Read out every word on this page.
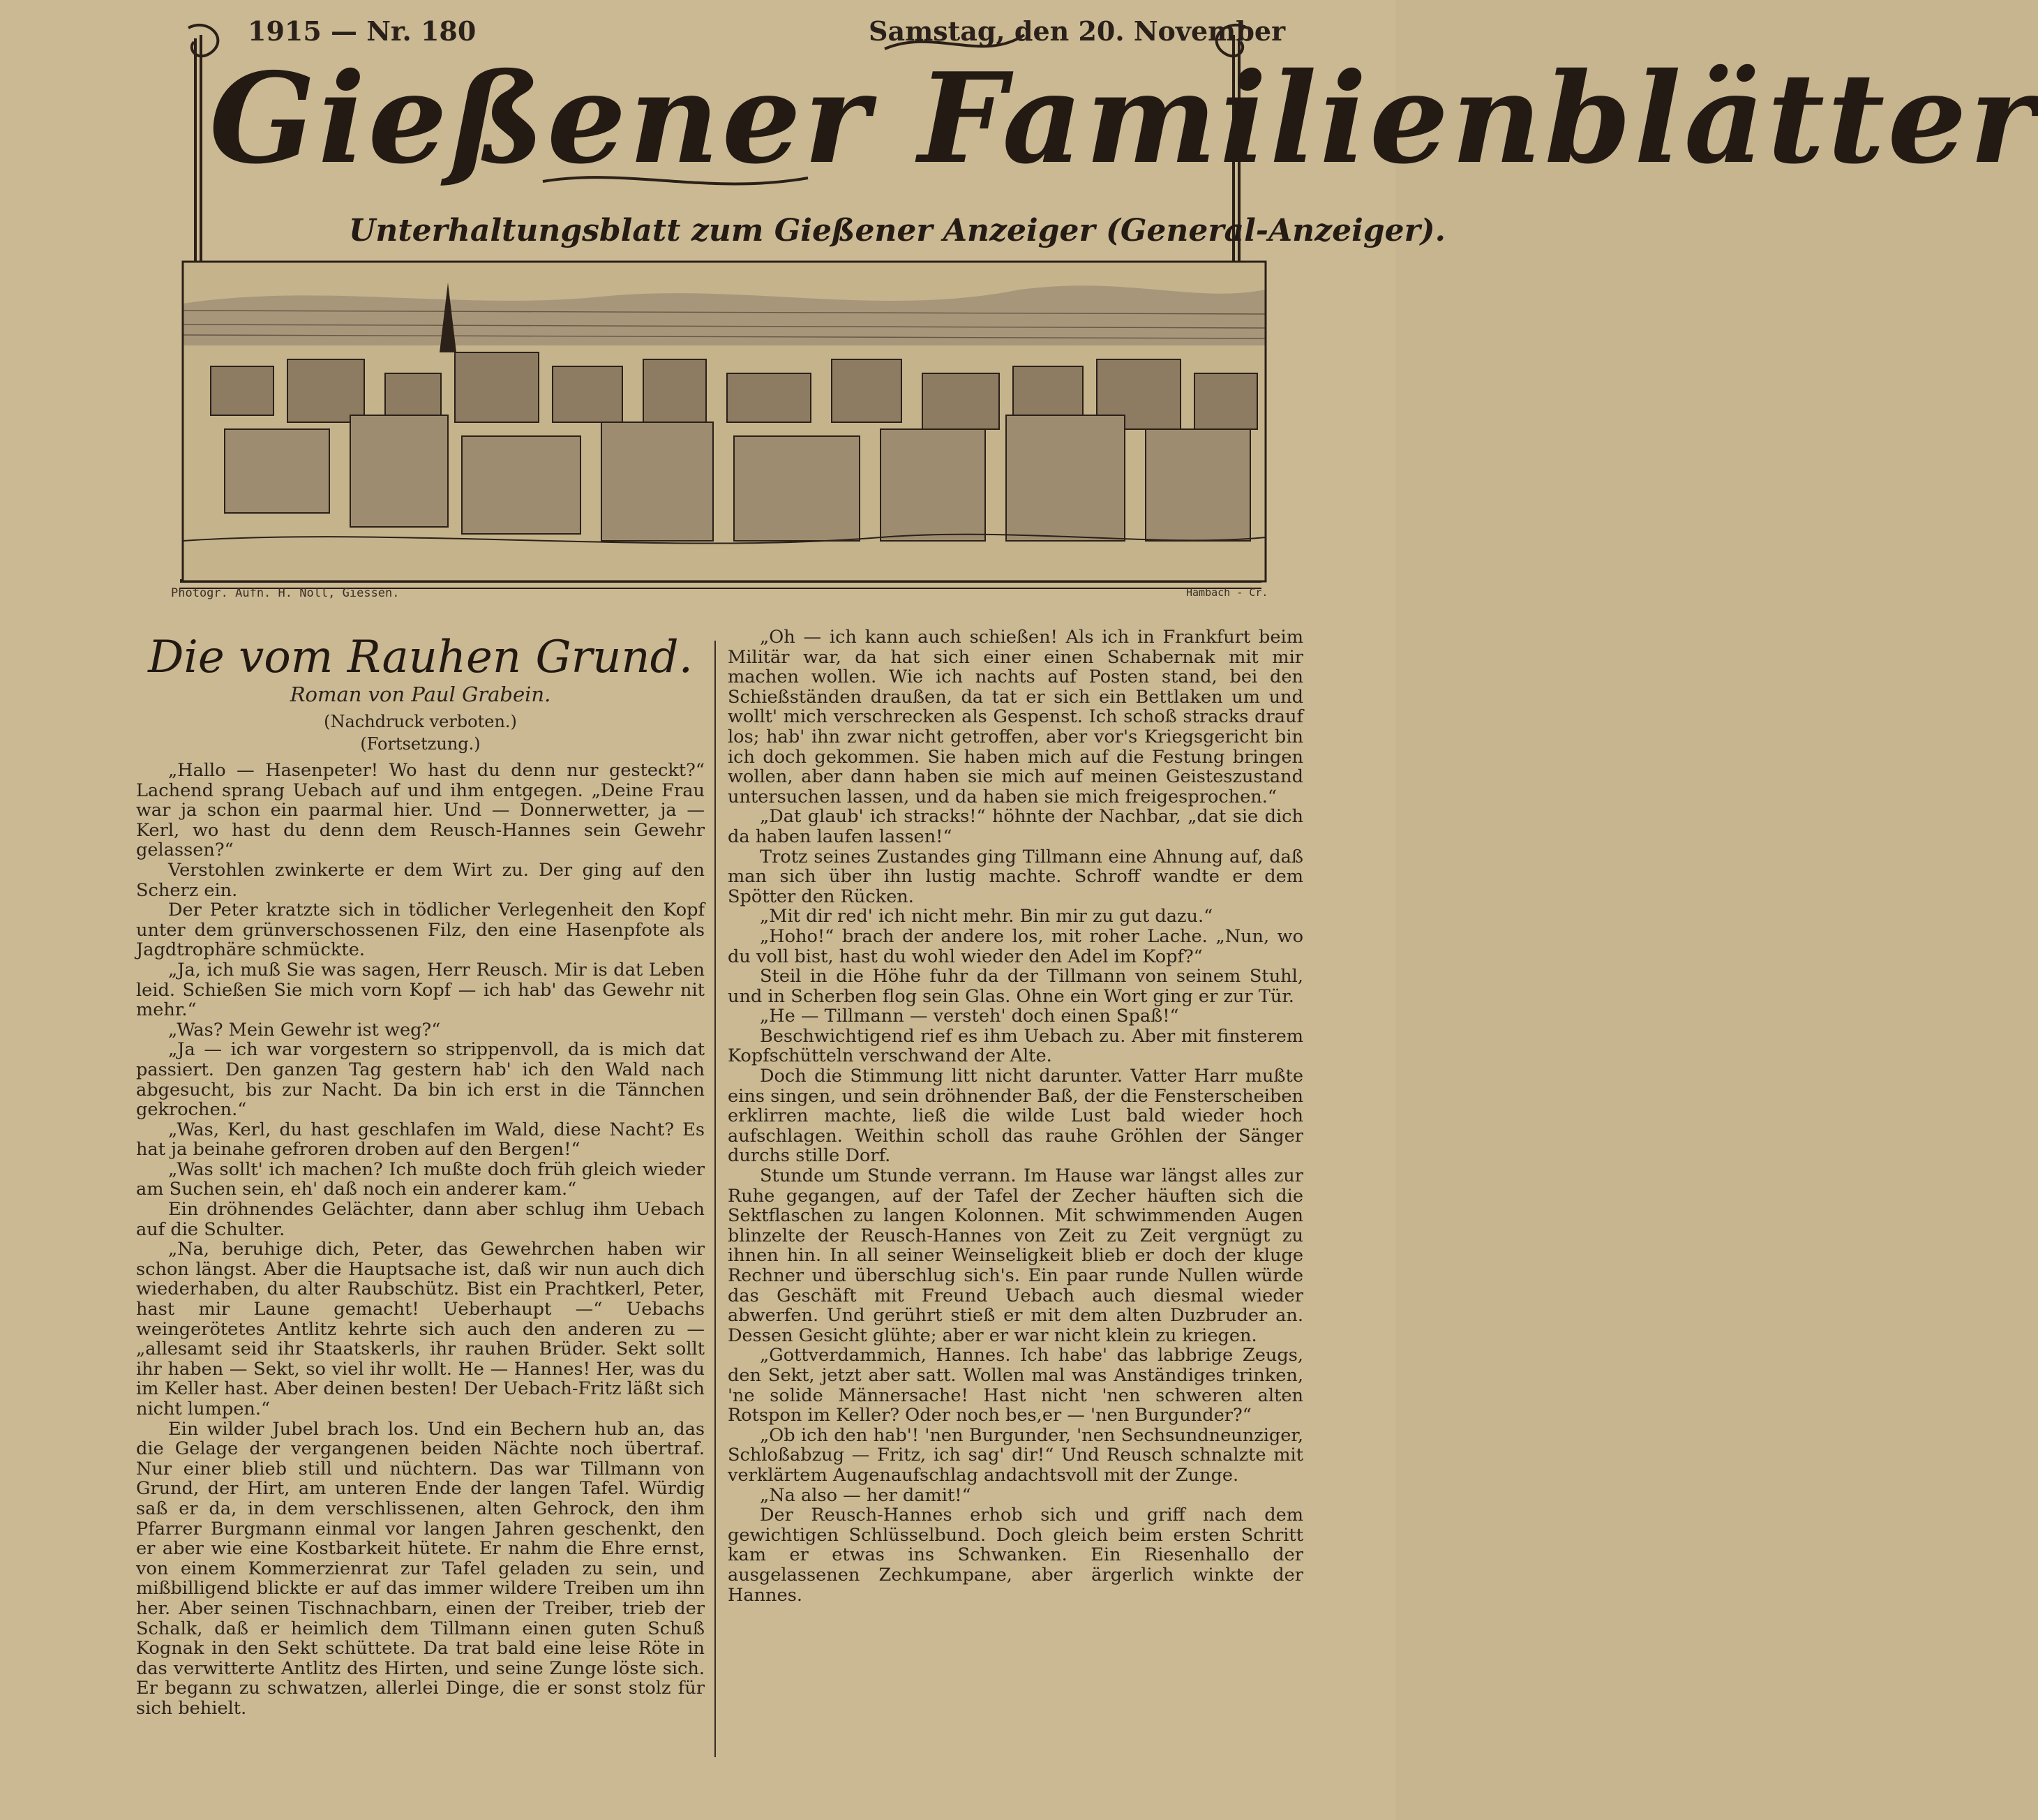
1915 — Nr. 180	Samstag, den 20. November
Gießener Familienblätter
Unterhaltungsblatt zum Gießener Anzeiger (General-Anzeiger).
Photogr. Aufn. H. Noll, Giessen.	Hambach - Cr.
Die vom Rauhen Grund.
Roman von Paul Grabein.
(Nachdruck verboten.)
(Fortsetzung.)

„Hallo — Hasenpeter! Wo hast du denn nur gesteckt?“ Lachend sprang Uebach auf und ihm entgegen. „Deine Frau war ja schon ein paarmal hier. Und — Donnerwetter, ja — Kerl, wo hast du denn dem Reusch-Hannes sein Gewehr gelassen?“

Verstohlen zwinkerte er dem Wirt zu. Der ging auf den Scherz ein.

Der Peter kratzte sich in tödlicher Verlegenheit den Kopf unter dem grünverschossenen Filz, den eine Hasenpfote als Jagdtrophäre schmückte.

„Ja, ich muß Sie was sagen, Herr Reusch. Mir is dat Leben leid. Schießen Sie mich vorn Kopf — ich hab' das Gewehr nit mehr.“

„Was? Mein Gewehr ist weg?“

„Ja — ich war vorgestern so strippenvoll, da is mich dat passiert. Den ganzen Tag gestern hab' ich den Wald nach abgesucht, bis zur Nacht. Da bin ich erst in die Tännchen gekrochen.“

„Was, Kerl, du hast geschlafen im Wald, diese Nacht? Es hat ja beinahe gefroren droben auf den Bergen!“

„Was sollt' ich machen? Ich mußte doch früh gleich wieder am Suchen sein, eh' daß noch ein anderer kam.“

Ein dröhnendes Gelächter, dann aber schlug ihm Uebach auf die Schulter.

„Na, beruhige dich, Peter, das Gewehrchen haben wir schon längst. Aber die Hauptsache ist, daß wir nun auch dich wiederhaben, du alter Raubschütz. Bist ein Prachtkerl, Peter, hast mir Laune gemacht! Ueberhaupt —“ Uebachs weingerötetes Antlitz kehrte sich auch den anderen zu — „allesamt seid ihr Staatskerls, ihr rauhen Brüder. Sekt sollt ihr haben — Sekt, so viel ihr wollt. He — Hannes! Her, was du im Keller hast. Aber deinen besten! Der Uebach-Fritz läßt sich nicht lumpen.“

Ein wilder Jubel brach los. Und ein Bechern hub an, das die Gelage der vergangenen beiden Nächte noch übertraf. Nur einer blieb still und nüchtern. Das war Tillmann von Grund, der Hirt, am unteren Ende der langen Tafel. Würdig saß er da, in dem verschlissenen, alten Gehrock, den ihm Pfarrer Burgmann einmal vor langen Jahren geschenkt, den er aber wie eine Kostbarkeit hütete. Er nahm die Ehre ernst, von einem Kommerzienrat zur Tafel geladen zu sein, und mißbilligend blickte er auf das immer wildere Treiben um ihn her. Aber seinen Tischnachbarn, einen der Treiber, trieb der Schalk, daß er heimlich dem Tillmann einen guten Schuß Kognak in den Sekt schüttete. Da trat bald eine leise Röte in das verwitterte Antlitz des Hirten, und seine Zunge löste sich. Er begann zu schwatzen, allerlei Dinge, die er sonst stolz für sich behielt.

„Oh — ich kann auch schießen! Als ich in Frankfurt beim Militär war, da hat sich einer einen Schabernak mit mir machen wollen. Wie ich nachts auf Posten stand, bei den Schießständen draußen, da tat er sich ein Bettlaken um und wollt' mich verschrecken als Gespenst. Ich schoß stracks drauf los; hab' ihn zwar nicht getroffen, aber vor's Kriegsgericht bin ich doch gekommen. Sie haben mich auf die Festung bringen wollen, aber dann haben sie mich auf meinen Geisteszustand untersuchen lassen, und da haben sie mich freigesprochen.“

„Dat glaub' ich stracks!“ höhnte der Nachbar, „dat sie dich da haben laufen lassen!“

Trotz seines Zustandes ging Tillmann eine Ahnung auf, daß man sich über ihn lustig machte. Schroff wandte er dem Spötter den Rücken.

„Mit dir red' ich nicht mehr. Bin mir zu gut dazu.“

„Hoho!“ brach der andere los, mit roher Lache. „Nun, wo du voll bist, hast du wohl wieder den Adel im Kopf?“

Steil in die Höhe fuhr da der Tillmann von seinem Stuhl, und in Scherben flog sein Glas. Ohne ein Wort ging er zur Tür.

„He — Tillmann — versteh' doch einen Spaß!“

Beschwichtigend rief es ihm Uebach zu. Aber mit finsterem Kopfschütteln verschwand der Alte.

Doch die Stimmung litt nicht darunter. Vatter Harr mußte eins singen, und sein dröhnender Baß, der die Fensterscheiben erklirren machte, ließ die wilde Lust bald wieder hoch aufschlagen. Weithin scholl das rauhe Gröhlen der Sänger durchs stille Dorf.

Stunde um Stunde verrann. Im Hause war längst alles zur Ruhe gegangen, auf der Tafel der Zecher häuften sich die Sektflaschen zu langen Kolonnen. Mit schwimmenden Augen blinzelte der Reusch-Hannes von Zeit zu Zeit vergnügt zu ihnen hin. In all seiner Weinseligkeit blieb er doch der kluge Rechner und überschlug sich's. Ein paar runde Nullen würde das Geschäft mit Freund Uebach auch diesmal wieder abwerfen. Und gerührt stieß er mit dem alten Duzbruder an. Dessen Gesicht glühte; aber er war nicht klein zu kriegen.

„Gottverdammich, Hannes. Ich habe' das labbrige Zeugs, den Sekt, jetzt aber satt. Wollen mal was Anständiges trinken, 'ne solide Männersache! Hast nicht 'nen schweren alten Rotspon im Keller? Oder noch bes,er — 'nen Burgunder?“

„Ob ich den hab'! 'nen Burgunder, 'nen Sechsundneunziger, Schloßabzug — Fritz, ich sag' dir!“ Und Reusch schnalzte mit verklärtem Augenaufschlag andachtsvoll mit der Zunge.

„Na also — her damit!“

Der Reusch-Hannes erhob sich und griff nach dem gewichtigen Schlüsselbund. Doch gleich beim ersten Schritt kam er etwas ins Schwanken. Ein Riesenhallo der ausgelassenen Zechkumpane, aber ärgerlich winkte der Hannes.
